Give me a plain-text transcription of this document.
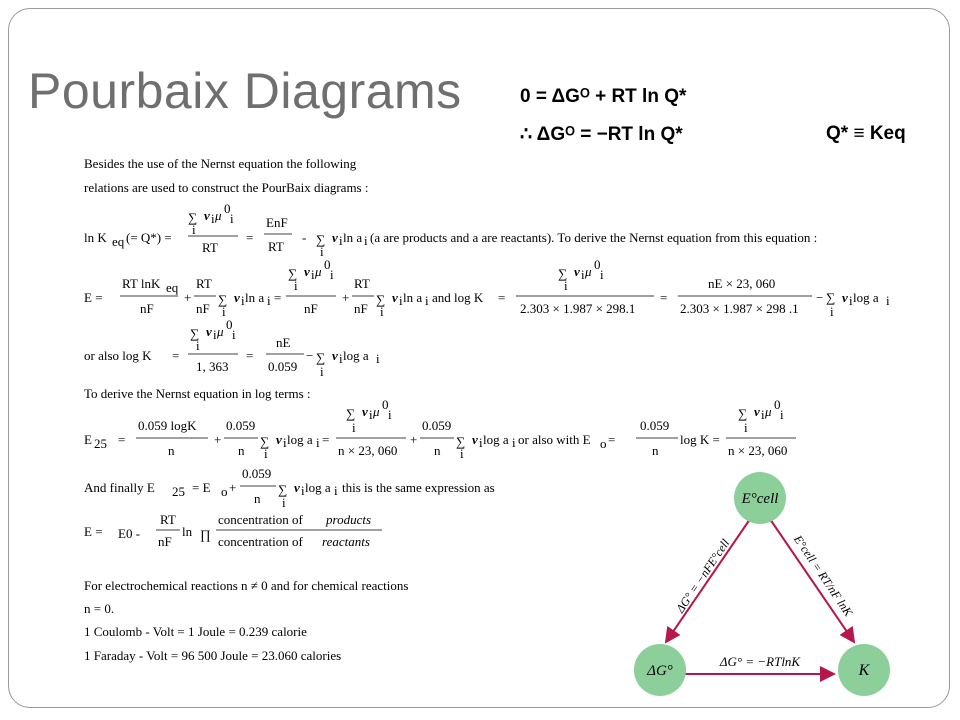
Pourbaix Diagrams	0 = ΔGᴼ + RT ln Q*
∴ ΔGᴼ = −RT ln Q*	Q* ≡ Keq
Besides the use of the Nernst equation the following
relations are used to construct the PourBaix diagrams :
ln K eq (= Q*) =
∑ ν i μ 0
i
i
RT
=
EnF
RT
- ∑
i
ν i ln a i (a are products and a are reactants). To derive the Nernst equation from this equation :
E =
RT lnK eq
nF
+
RT
nF
∑
i
ν i ln a i =
∑ ν i μ 0
i
i
nF
+
RT
nF
∑
i
ν i ln a i and log K =
∑ ν i μ 0
i
i
2.303 × 1.987 × 298.1
=
nE × 23, 060
2.303 × 1.987 × 298 .1
− ∑
i
ν i log a i
or also log K =
∑ ν i μ 0
i
i
1, 363
=
nE
0.059
− ∑
i
ν i log a i
To derive the Nernst equation in log terms :
E 25 =
0.059 logK
n
+
0.059
n
∑
i
ν i log a i =
∑ ν i μ 0
i
i
n × 23, 060
+
0.059
n
∑
i
ν i log a i or also with E o =
0.059
n
log K =
∑ ν i μ 0
i
i
n × 23, 060
And finally E 25 = E o +
0.059
n
∑
i
ν i log a i this is the same expression as
E = E0 -
RT
nF
ln ∏
concentration of products
concentration of reactants
For electrochemical reactions n ≠ 0 and for chemical reactions
n = 0.
1 Coulomb - Volt = 1 Joule = 0.239 calorie
1 Faraday - Volt = 96 500 Joule = 23.060 calories
E°cell
ΔG°	K
ΔG° = −nFE°cell	E°cell = RT/nF lnK
ΔG° = −RTlnK
